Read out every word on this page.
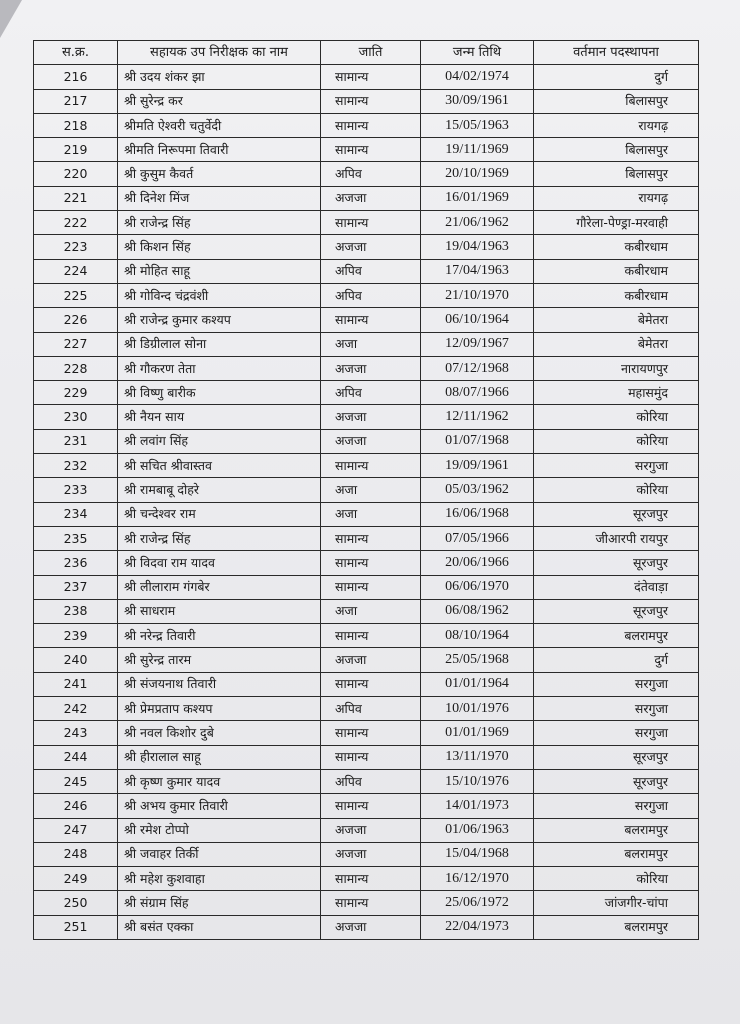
स.क्र.	सहायक उप निरीक्षक का नाम	जाति	जन्म तिथि	वर्तमान पदस्थापना
216	श्री उदय शंकर झा	सामान्य	04/02/1974	दुर्ग
217	श्री सुरेन्द्र कर	सामान्य	30/09/1961	बिलासपुर
218	श्रीमति ऐश्वरी चतुर्वेदी	सामान्य	15/05/1963	रायगढ़
219	श्रीमति निरूपमा तिवारी	सामान्य	19/11/1969	बिलासपुर
220	श्री कुसुम कैवर्त	अपिव	20/10/1969	बिलासपुर
221	श्री दिनेश मिंज	अजजा	16/01/1969	रायगढ़
222	श्री राजेन्द्र सिंह	सामान्य	21/06/1962	गौरेला-पेण्ड्रा-मरवाही
223	श्री किशन सिंह	अजजा	19/04/1963	कबीरधाम
224	श्री मोहित साहू	अपिव	17/04/1963	कबीरधाम
225	श्री गोविन्द चंद्रवंशी	अपिव	21/10/1970	कबीरधाम
226	श्री राजेन्द्र कुमार कश्यप	सामान्य	06/10/1964	बेमेतरा
227	श्री डिग्रीलाल सोना	अजा	12/09/1967	बेमेतरा
228	श्री गौकरण तेता	अजजा	07/12/1968	नारायणपुर
229	श्री विष्णु बारीक	अपिव	08/07/1966	महासमुंद
230	श्री नैयन साय	अजजा	12/11/1962	कोरिया
231	श्री लवांग सिंह	अजजा	01/07/1968	कोरिया
232	श्री सचित श्रीवास्तव	सामान्य	19/09/1961	सरगुजा
233	श्री रामबाबू दोहरे	अजा	05/03/1962	कोरिया
234	श्री चन्देश्वर राम	अजा	16/06/1968	सूरजपुर
235	श्री राजेन्द्र सिंह	सामान्य	07/05/1966	जीआरपी रायपुर
236	श्री विदवा राम यादव	सामान्य	20/06/1966	सूरजपुर
237	श्री लीलाराम गंगबेर	सामान्य	06/06/1970	दंतेवाड़ा
238	श्री साधराम	अजा	06/08/1962	सूरजपुर
239	श्री नरेन्द्र तिवारी	सामान्य	08/10/1964	बलरामपुर
240	श्री सुरेन्द्र तारम	अजजा	25/05/1968	दुर्ग
241	श्री संजयनाथ तिवारी	सामान्य	01/01/1964	सरगुजा
242	श्री प्रेमप्रताप कश्यप	अपिव	10/01/1976	सरगुजा
243	श्री नवल किशोर दुबे	सामान्य	01/01/1969	सरगुजा
244	श्री हीरालाल साहू	सामान्य	13/11/1970	सूरजपुर
245	श्री कृष्ण कुमार यादव	अपिव	15/10/1976	सूरजपुर
246	श्री अभय कुमार तिवारी	सामान्य	14/01/1973	सरगुजा
247	श्री रमेश टोप्पो	अजजा	01/06/1963	बलरामपुर
248	श्री जवाहर तिर्की	अजजा	15/04/1968	बलरामपुर
249	श्री महेश कुशवाहा	सामान्य	16/12/1970	कोरिया
250	श्री संग्राम सिंह	सामान्य	25/06/1972	जांजगीर-चांपा
251	श्री बसंत एक्का	अजजा	22/04/1973	बलरामपुर
